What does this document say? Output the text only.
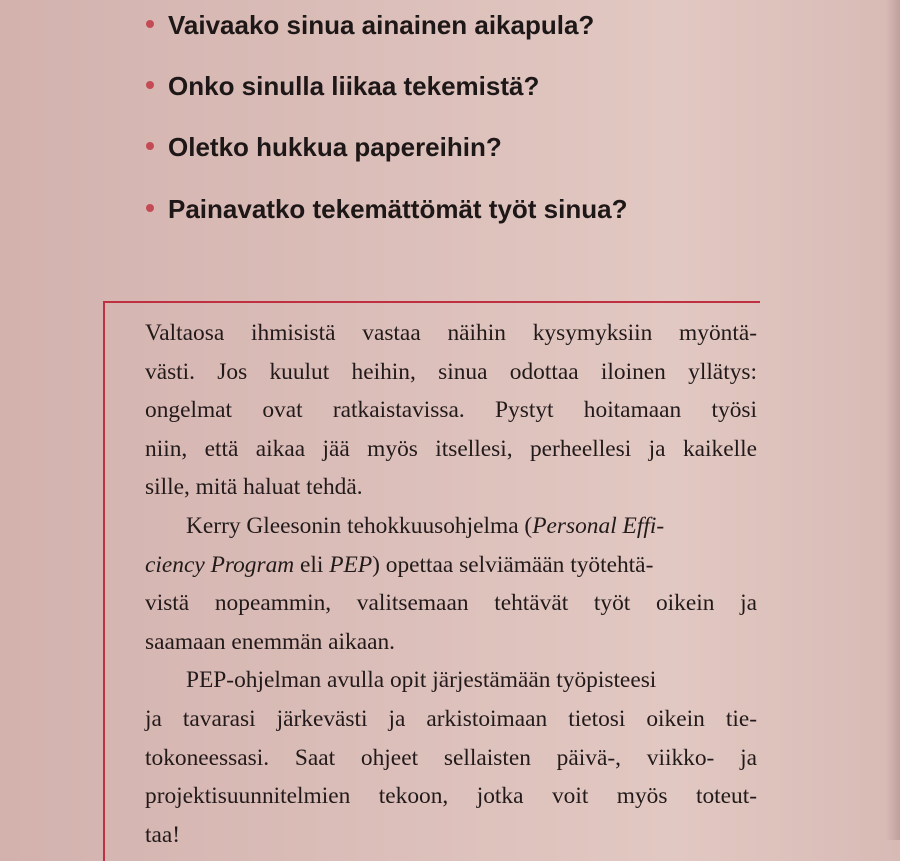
Vaivaako sinua ainainen aikapula?
Onko sinulla liikaa tekemistä?
Oletko hukkua papereihin?
Painavatko tekemättömät työt sinua?
Valtaosa ihmisistä vastaa näihin kysymyksiin myöntä-
västi. Jos kuulut heihin, sinua odottaa iloinen yllätys:
ongelmat ovat ratkaistavissa. Pystyt hoitamaan työsi
niin, että aikaa jää myös itsellesi, perheellesi ja kaikelle
sille, mitä haluat tehdä.
Kerry Gleesonin tehokkuusohjelma (Personal Effi-
ciency Program eli PEP) opettaa selviämään työtehtä-
vistä nopeammin, valitsemaan tehtävät työt oikein ja
saamaan enemmän aikaan.
PEP-ohjelman avulla opit järjestämään työpisteesi
ja tavarasi järkevästi ja arkistoimaan tietosi oikein tie-
tokoneessasi. Saat ohjeet sellaisten päivä-, viikko- ja
projektisuunnitelmien tekoon, jotka voit myös toteut-
taa!
